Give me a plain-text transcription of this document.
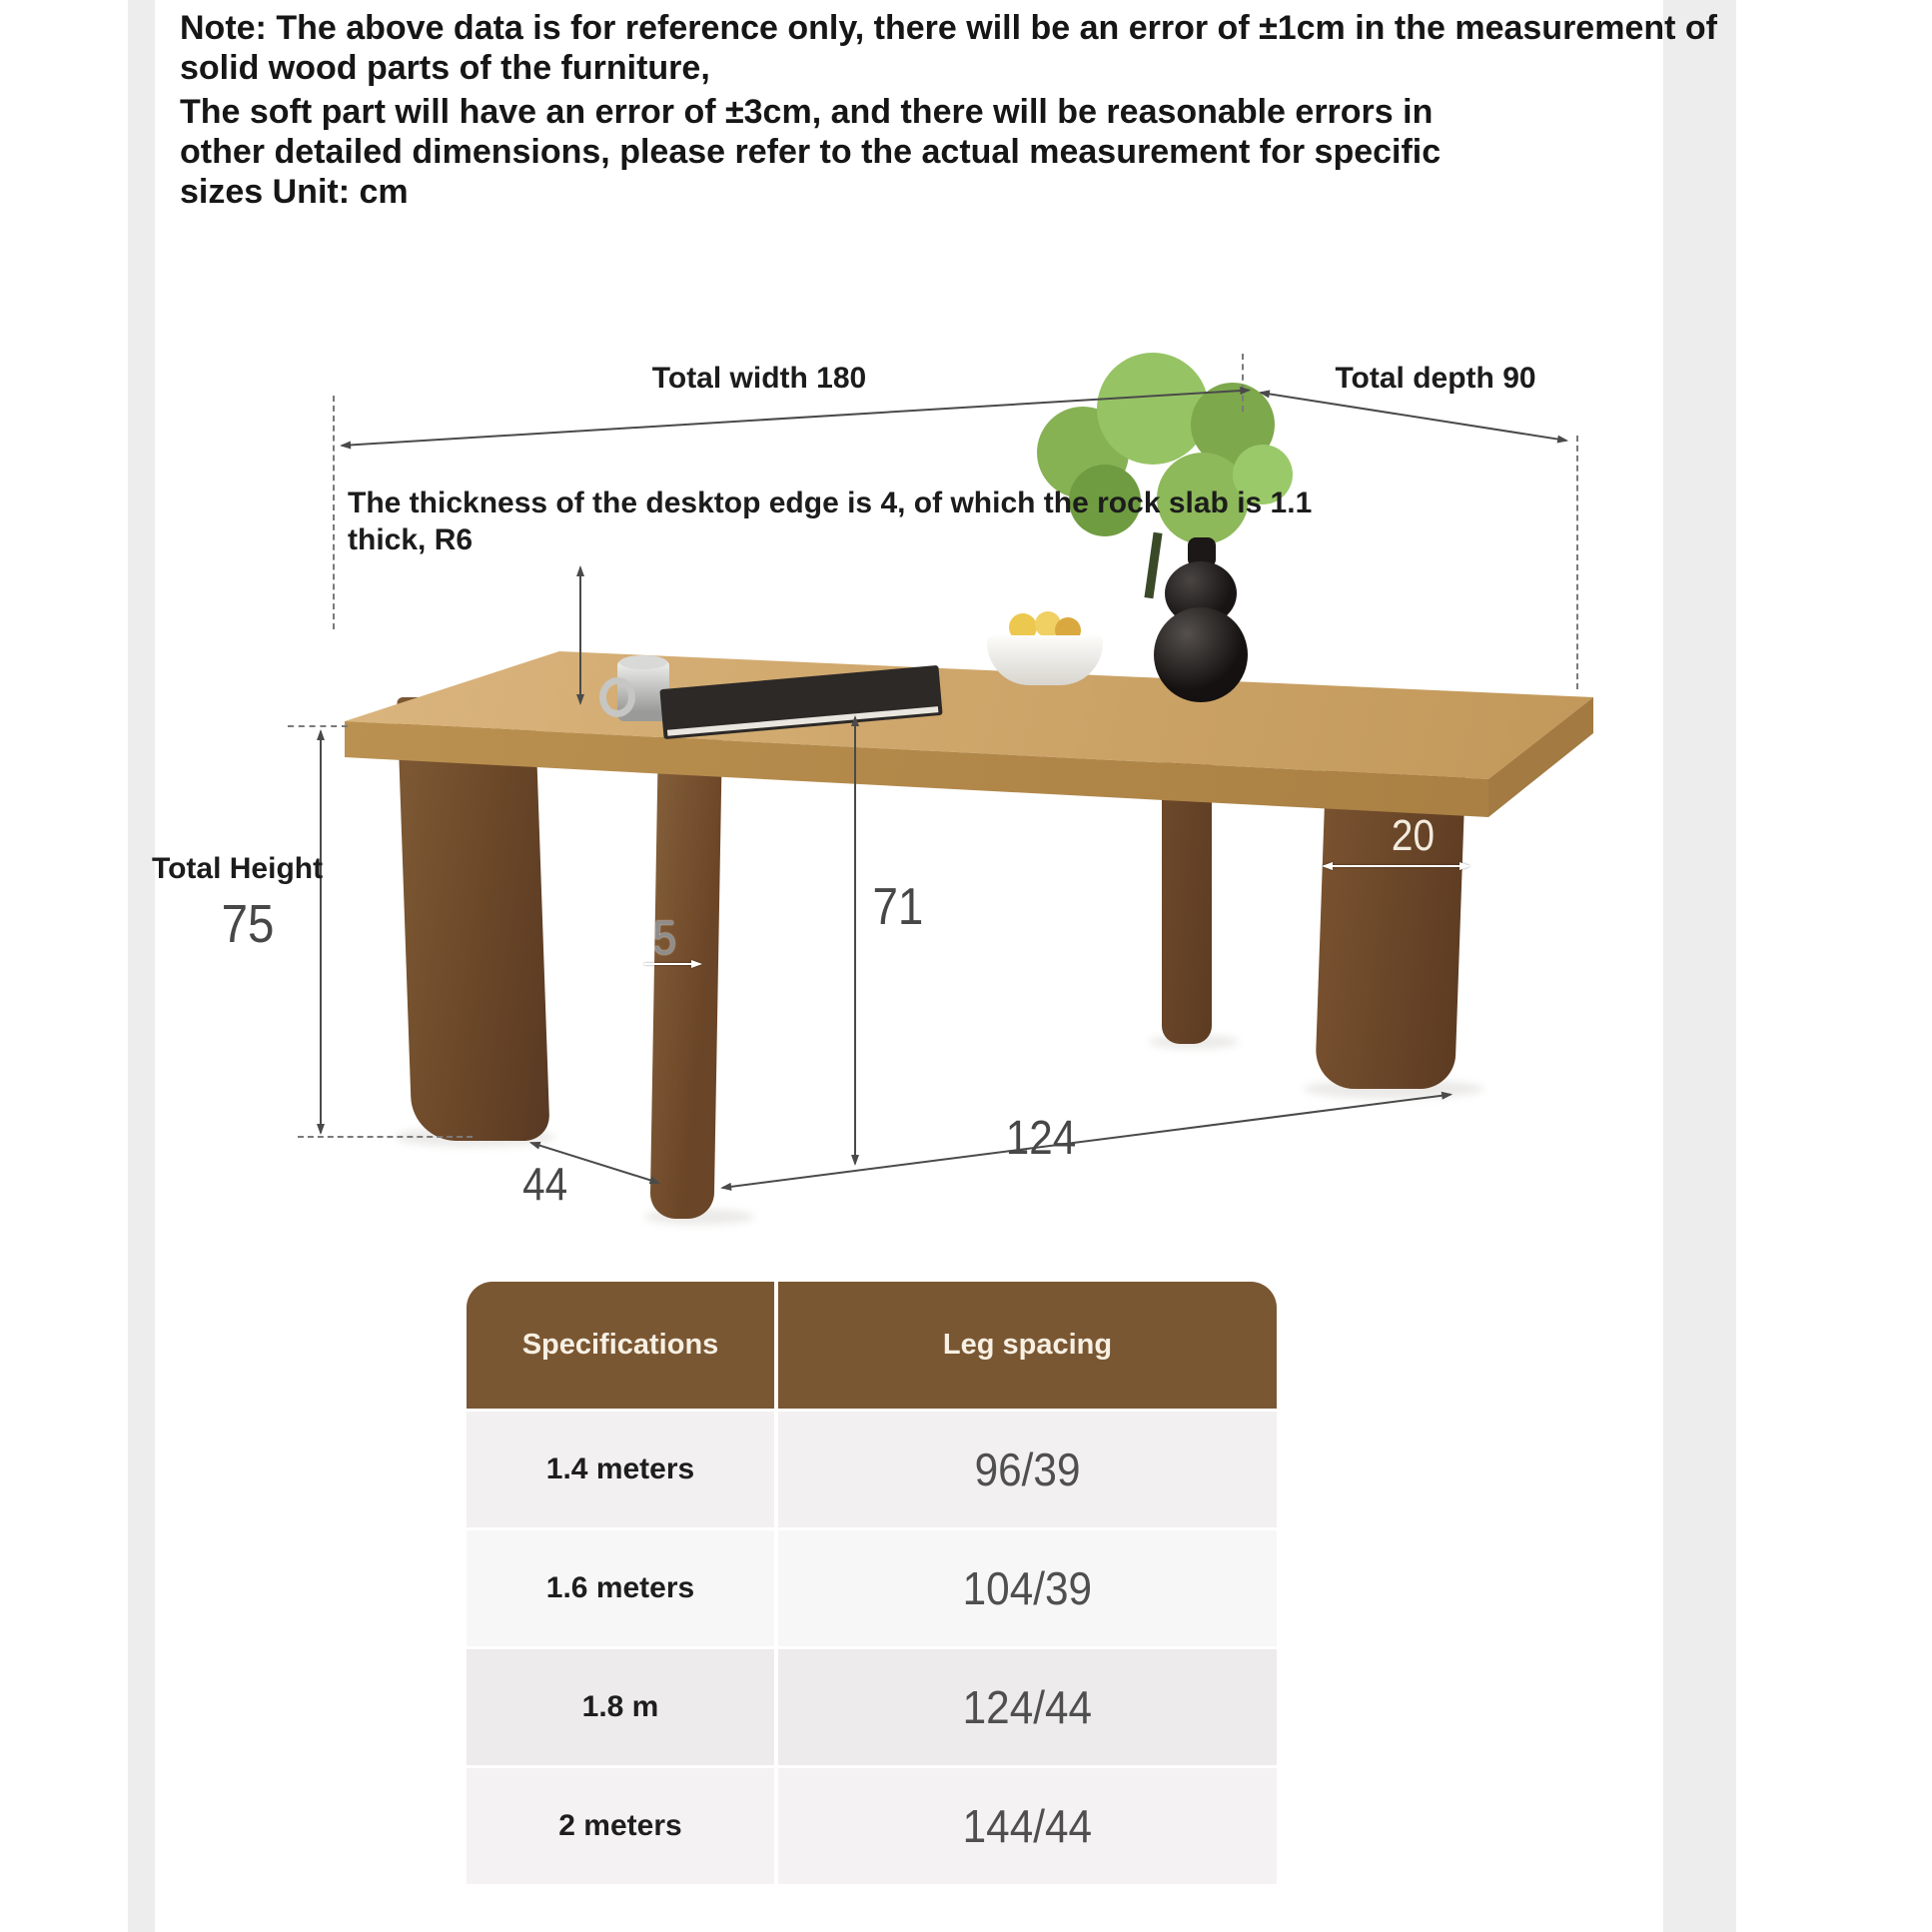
Note: The above data is for reference only, there will be an error of ±1cm in the measurement of
solid wood parts of the furniture,
The soft part will have an error of ±3cm, and there will be reasonable errors in
other detailed dimensions, please refer to the actual measurement for specific
sizes Unit: cm
Total width 180	Total depth 90
The thickness of the desktop edge is 4, of which the rock slab is 1.1
thick, R6
Total Height
75	5
71
20
44
124
Specifications	Leg spacing
1.4 meters	96/39
1.6 meters	104/39
1.8 m	124/44
2 meters	144/44
